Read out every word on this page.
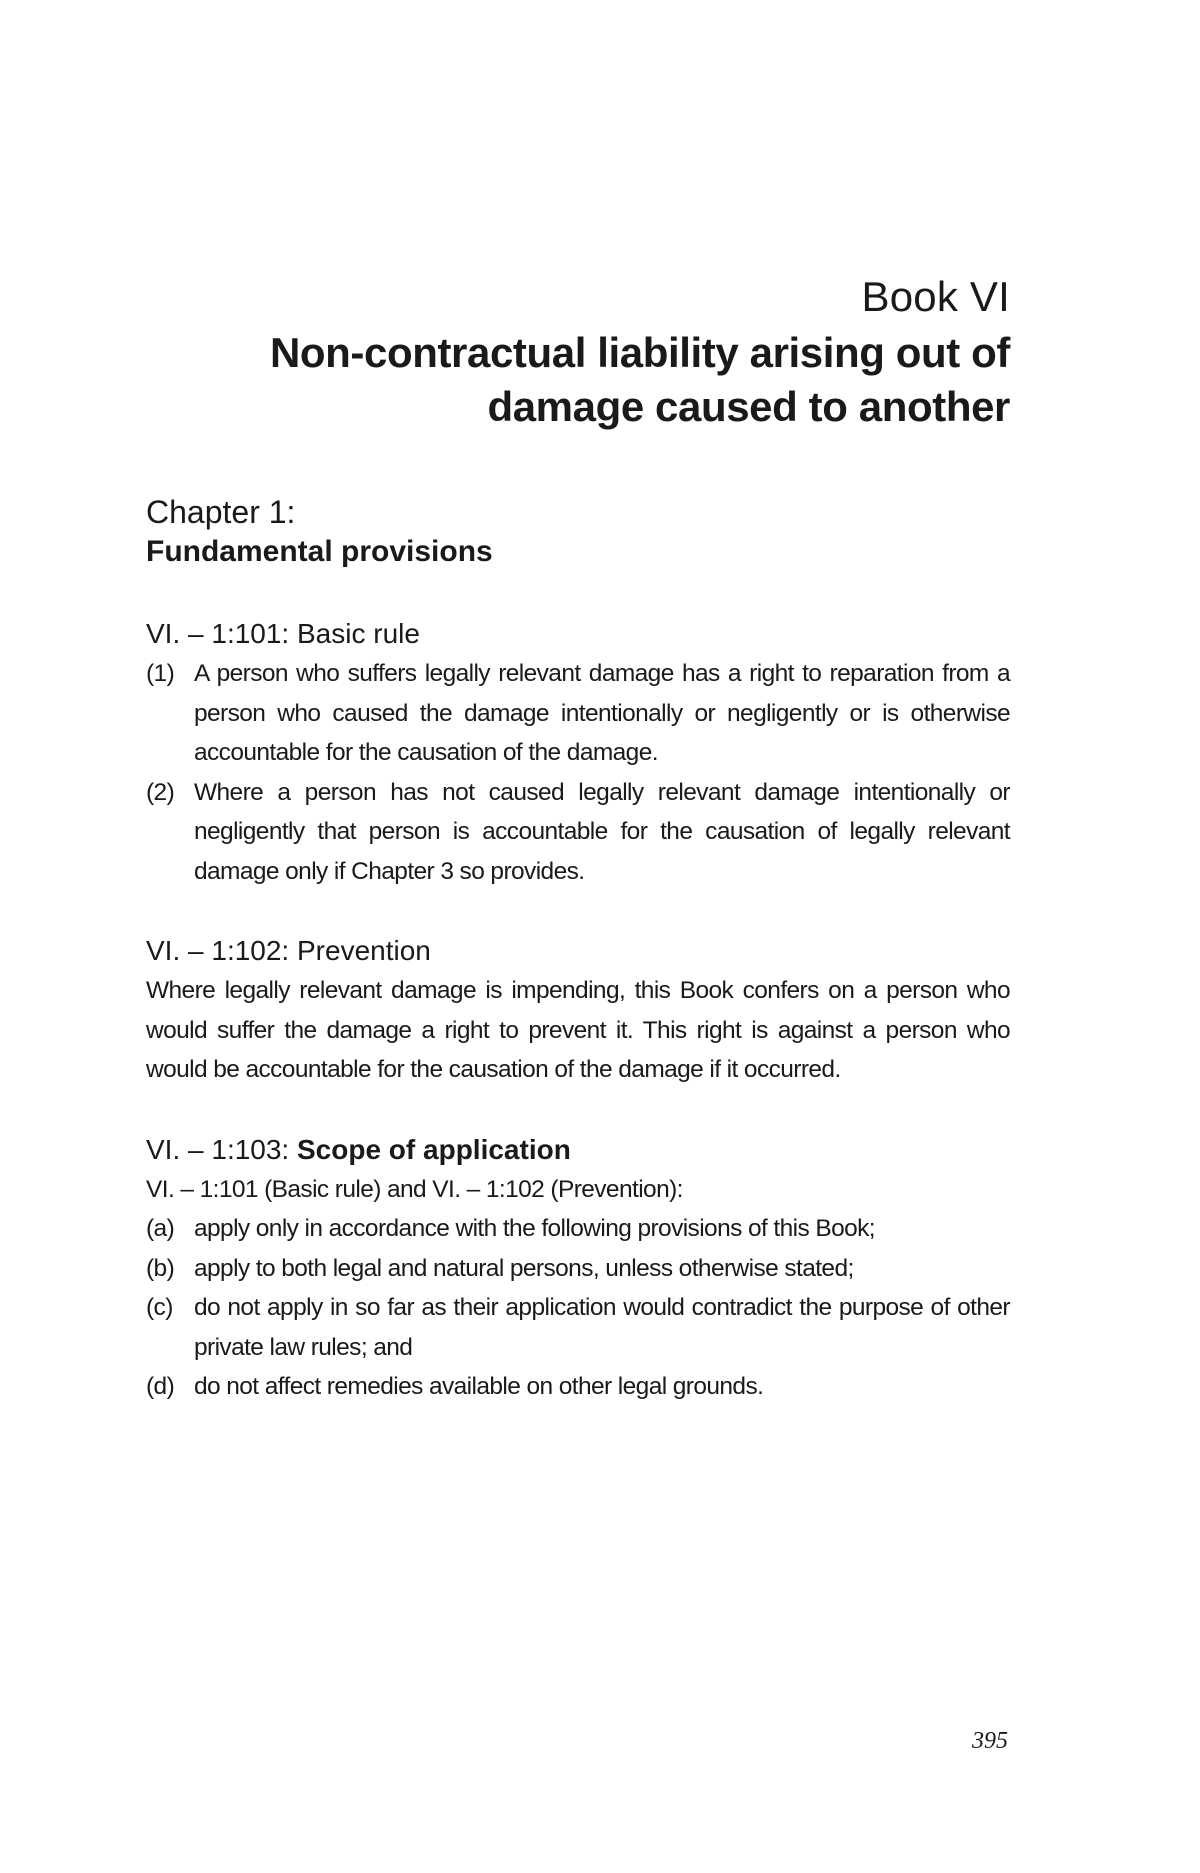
Book VI
Non-contractual liability arising out of
damage caused to another
Chapter 1:
Fundamental provisions
VI. – 1:101: Basic rule
(1) A person who suffers legally relevant damage has a right to reparation from a person who caused the damage intentionally or negligently or is otherwise accountable for the causation of the damage.
(2) Where a person has not caused legally relevant damage intentionally or negligently that person is accountable for the causation of legally relevant damage only if Chapter 3 so provides.
VI. – 1:102: Prevention

Where legally relevant damage is impending, this Book confers on a person who would suffer the damage a right to prevent it. This right is against a person who would be accountable for the causation of the damage if it occurred.

VI. – 1:103: Scope of application

VI. – 1:101 (Basic rule) and VI. – 1:102 (Prevention):

(a) apply only in accordance with the following provisions of this Book;
(b) apply to both legal and natural persons, unless otherwise stated;
(c) do not apply in so far as their application would contradict the purpose of other private law rules; and
(d) do not affect remedies available on other legal grounds.
395
